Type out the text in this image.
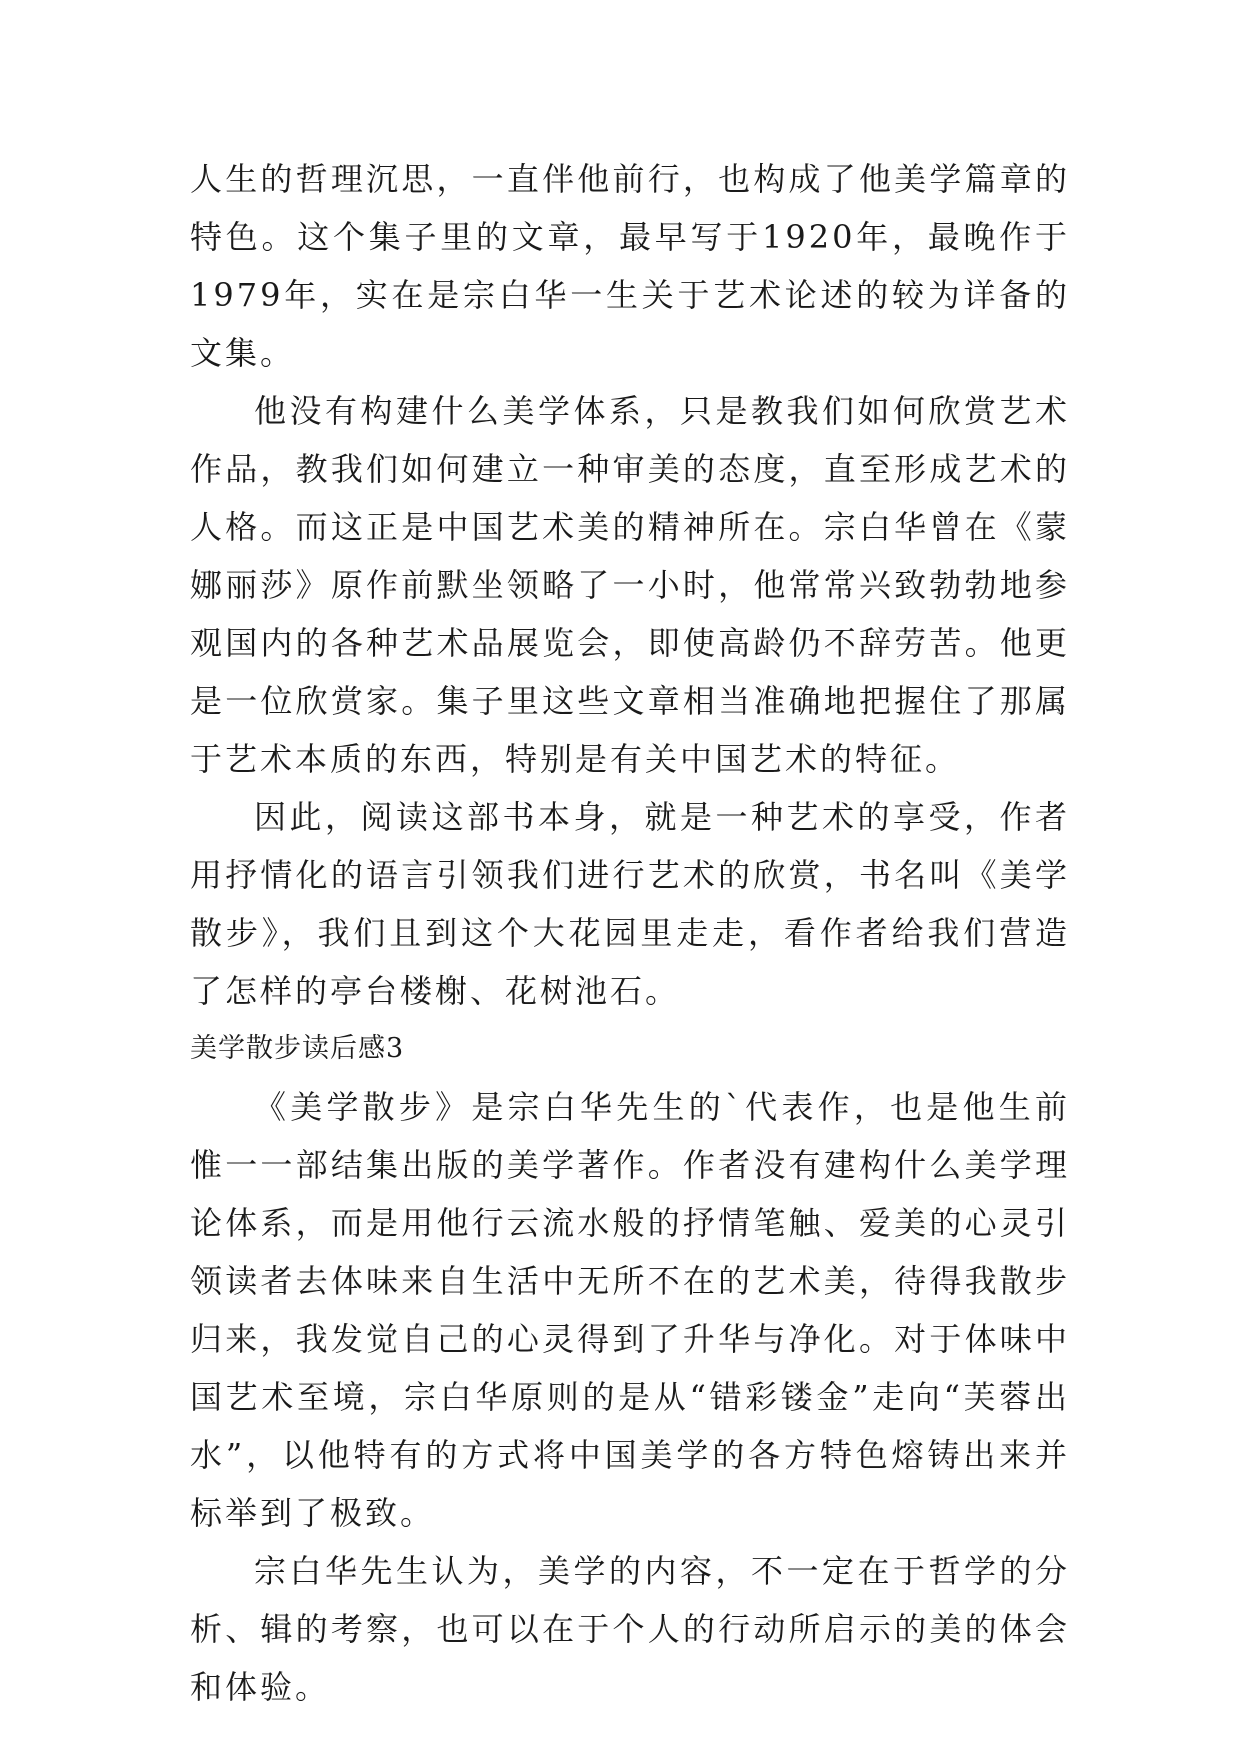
人生的哲理沉思，一直伴他前行，也构成了他美学篇章的特色。这个集子里的文章，最早写于1920年，最晚作于1979年，实在是宗白华一生关于艺术论述的较为详备的文集。

他没有构建什么美学体系，只是教我们如何欣赏艺术作品，教我们如何建立一种审美的态度，直至形成艺术的人格。而这正是中国艺术美的精神所在。宗白华曾在《蒙娜丽莎》原作前默坐领略了一小时，他常常兴致勃勃地参观国内的各种艺术品展览会，即使高龄仍不辞劳苦。他更是一位欣赏家。集子里这些文章相当准确地把握住了那属于艺术本质的东西，特别是有关中国艺术的特征。

因此，阅读这部书本身，就是一种艺术的享受，作者用抒情化的语言引领我们进行艺术的欣赏，书名叫《美学散步》，我们且到这个大花园里走走，看作者给我们营造了怎样的亭台楼榭、花树池石。

美学散步读后感3

《美学散步》是宗白华先生的`代表作，也是他生前惟一一部结集出版的美学著作。作者没有建构什么美学理论体系，而是用他行云流水般的抒情笔触、爱美的心灵引领读者去体味来自生活中无所不在的艺术美，待得我散步归来，我发觉自己的心灵得到了升华与净化。对于体味中国艺术至境，宗白华原则的是从“错彩镂金”走向“芙蓉出水”，以他特有的方式将中国美学的各方特色熔铸出来并标举到了极致。

宗白华先生认为，美学的内容，不一定在于哲学的分析、辑的考察，也可以在于个人的行动所启示的美的体会和体验。
